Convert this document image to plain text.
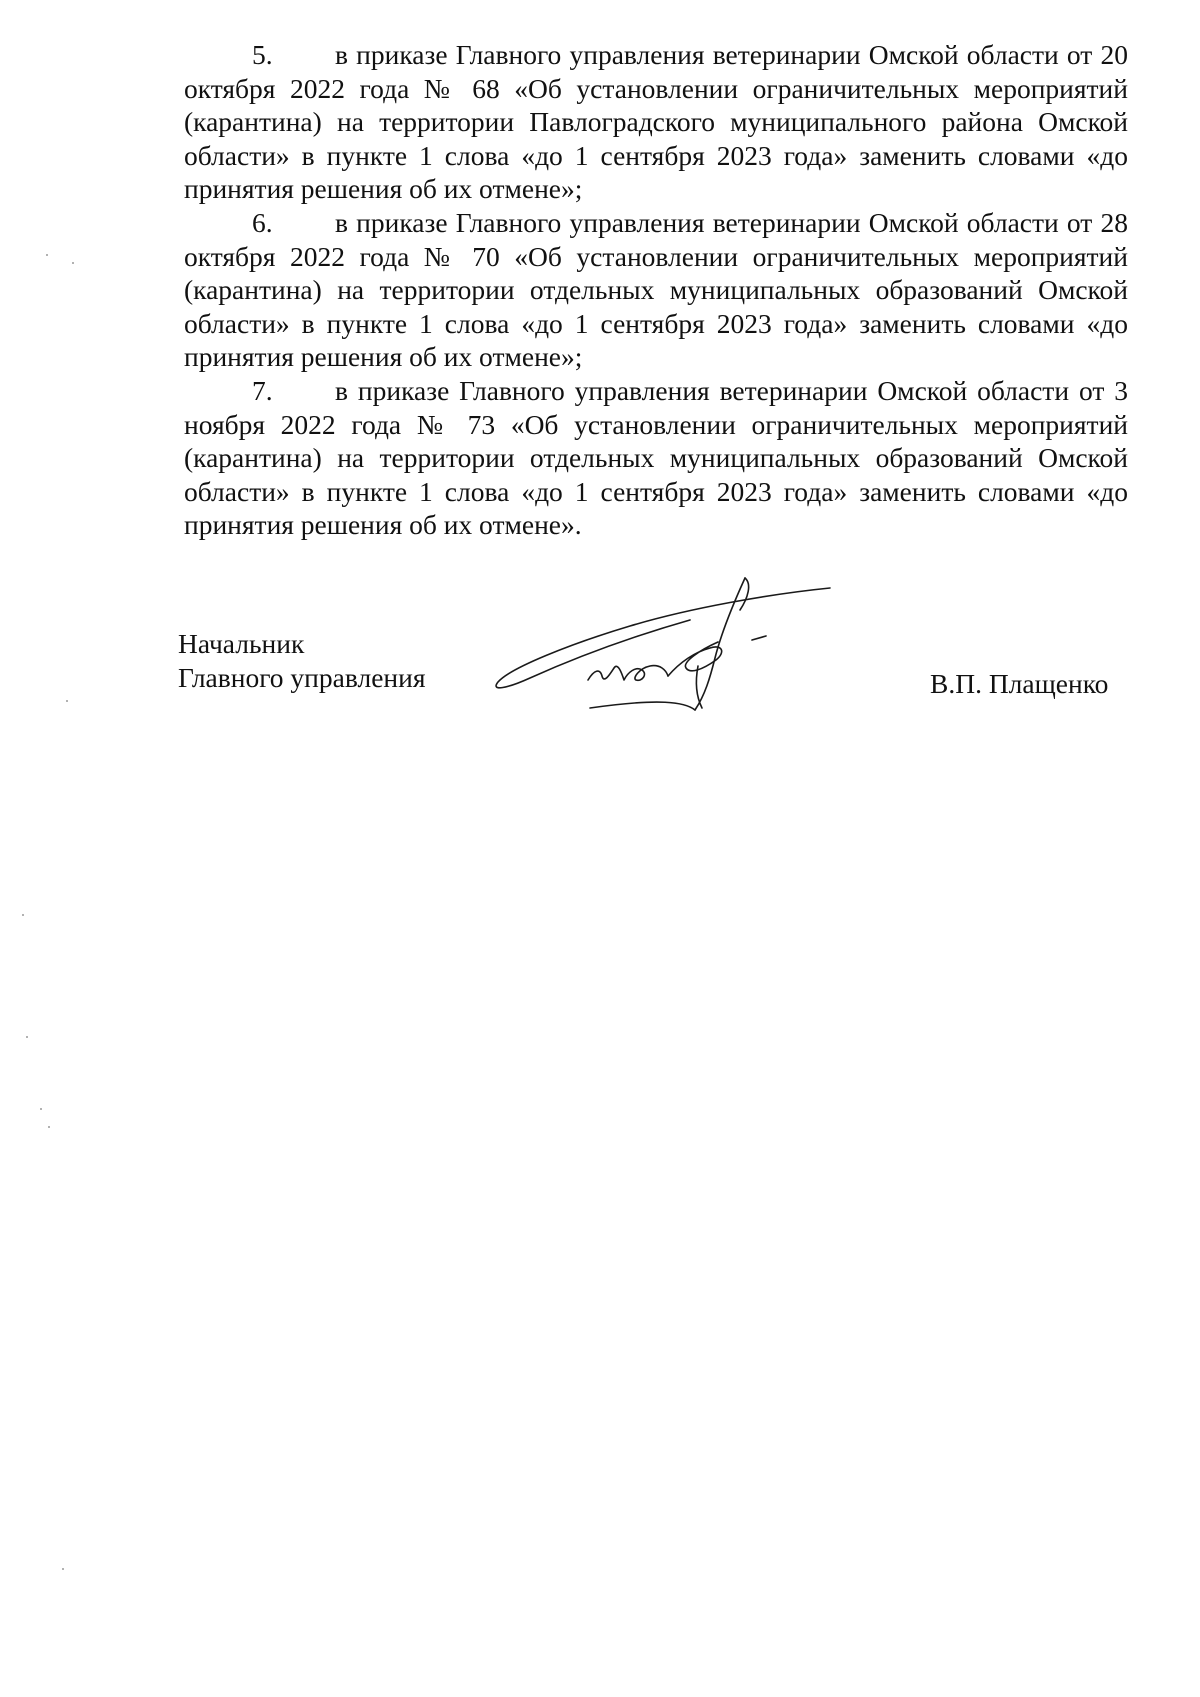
5. в приказе Главного управления ветеринарии Омской области от 20 октября 2022 года № 68 «Об установлении ограничительных мероприятий (карантина) на территории Павлоградского муниципального района Омской области» в пункте 1 слова «до 1 сентября 2023 года» заменить словами «до принятия решения об их отмене»;

6. в приказе Главного управления ветеринарии Омской области от 28 октября 2022 года № 70 «Об установлении ограничительных мероприятий (карантина) на территории отдельных муниципальных образований Омской области» в пункте 1 слова «до 1 сентября 2023 года» заменить словами «до принятия решения об их отмене»;

7. в приказе Главного управления ветеринарии Омской области от 3 ноября 2022 года № 73 «Об установлении ограничительных мероприятий (карантина) на территории отдельных муниципальных образований Омской области» в пункте 1 слова «до 1 сентября 2023 года» заменить словами «до принятия решения об их отмене».

Начальник
Главного управления	В.П. Плащенко
